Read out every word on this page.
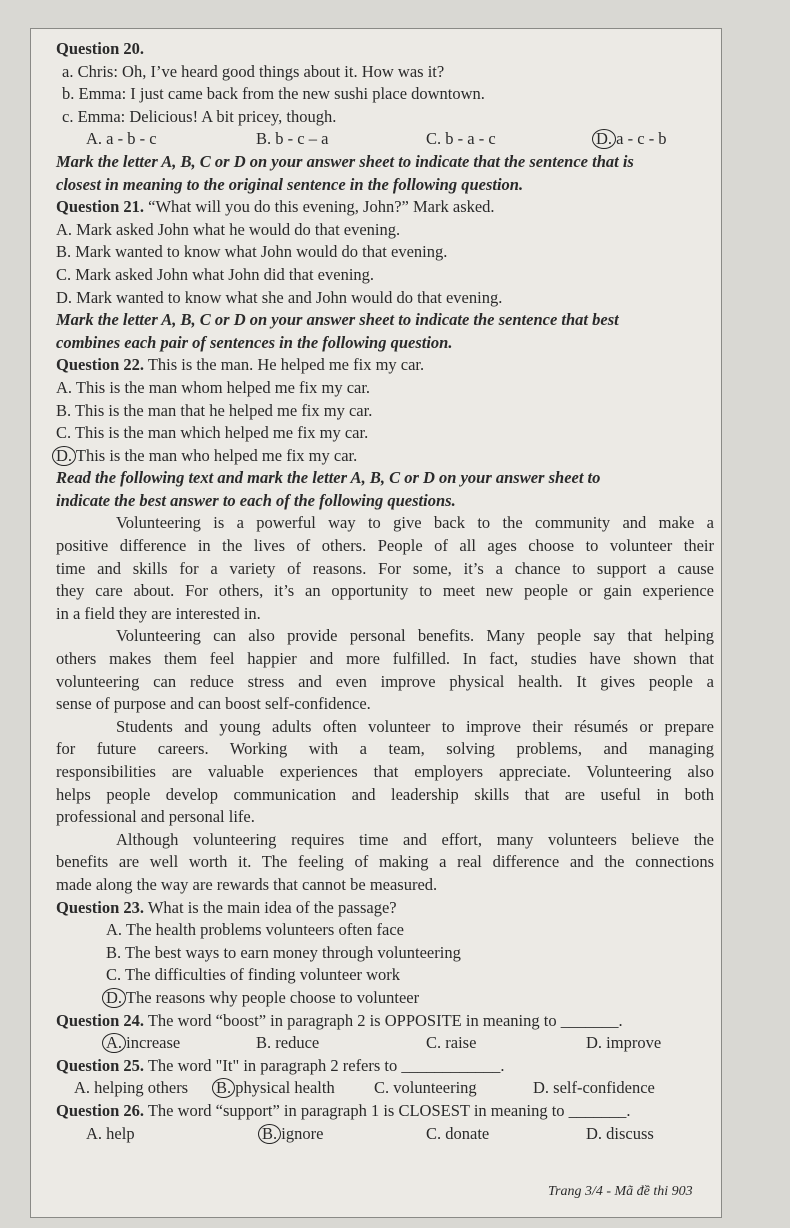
Question 20.
a. Chris: Oh, I’ve heard good things about it. How was it?
b. Emma: I just came back from the new sushi place downtown.
c. Emma: Delicious! A bit pricey, though.
A. a - b - c	B. b - c – a	C. b - a - c	D. a - c - b
Mark the letter A, B, C or D on your answer sheet to indicate that the sentence that is
closest in meaning to the original sentence in the following question.
Question 21. “What will you do this evening, John?” Mark asked.
A. Mark asked John what he would do that evening.
B. Mark wanted to know what John would do that evening.
C. Mark asked John what John did that evening.
D. Mark wanted to know what she and John would do that evening.
Mark the letter A, B, C or D on your answer sheet to indicate the sentence that best
combines each pair of sentences in the following question.
Question 22. This is the man. He helped me fix my car.
A. This is the man whom helped me fix my car.
B. This is the man that he helped me fix my car.
C. This is the man which helped me fix my car.
D. This is the man who helped me fix my car.
Read the following text and mark the letter A, B, C or D on your answer sheet to
indicate the best answer to each of the following questions.
Volunteering is a powerful way to give back to the community and make a
positive difference in the lives of others. People of all ages choose to volunteer their
time and skills for a variety of reasons. For some, it’s a chance to support a cause
they care about. For others, it’s an opportunity to meet new people or gain experience
in a field they are interested in.
Volunteering can also provide personal benefits. Many people say that helping
others makes them feel happier and more fulfilled. In fact, studies have shown that
volunteering can reduce stress and even improve physical health. It gives people a
sense of purpose and can boost self-confidence.
Students and young adults often volunteer to improve their résumés or prepare
for future careers. Working with a team, solving problems, and managing
responsibilities are valuable experiences that employers appreciate. Volunteering also
helps people develop communication and leadership skills that are useful in both
professional and personal life.
Although volunteering requires time and effort, many volunteers believe the
benefits are well worth it. The feeling of making a real difference and the connections
made along the way are rewards that cannot be measured.
Question 23. What is the main idea of the passage?
A. The health problems volunteers often face
B. The best ways to earn money through volunteering
C. The difficulties of finding volunteer work
D. The reasons why people choose to volunteer
Question 24. The word “boost” in paragraph 2 is OPPOSITE in meaning to _______.
A. increase	B. reduce	C. raise	D. improve
Question 25. The word "It" in paragraph 2 refers to ____________.
A. helping others B. physical health C. volunteering	D. self-confidence
Question 26. The word “support” in paragraph 1 is CLOSEST in meaning to _______.
A. help	B. ignore	C. donate	D. discuss
Trang 3/4 - Mã đề thi 903
